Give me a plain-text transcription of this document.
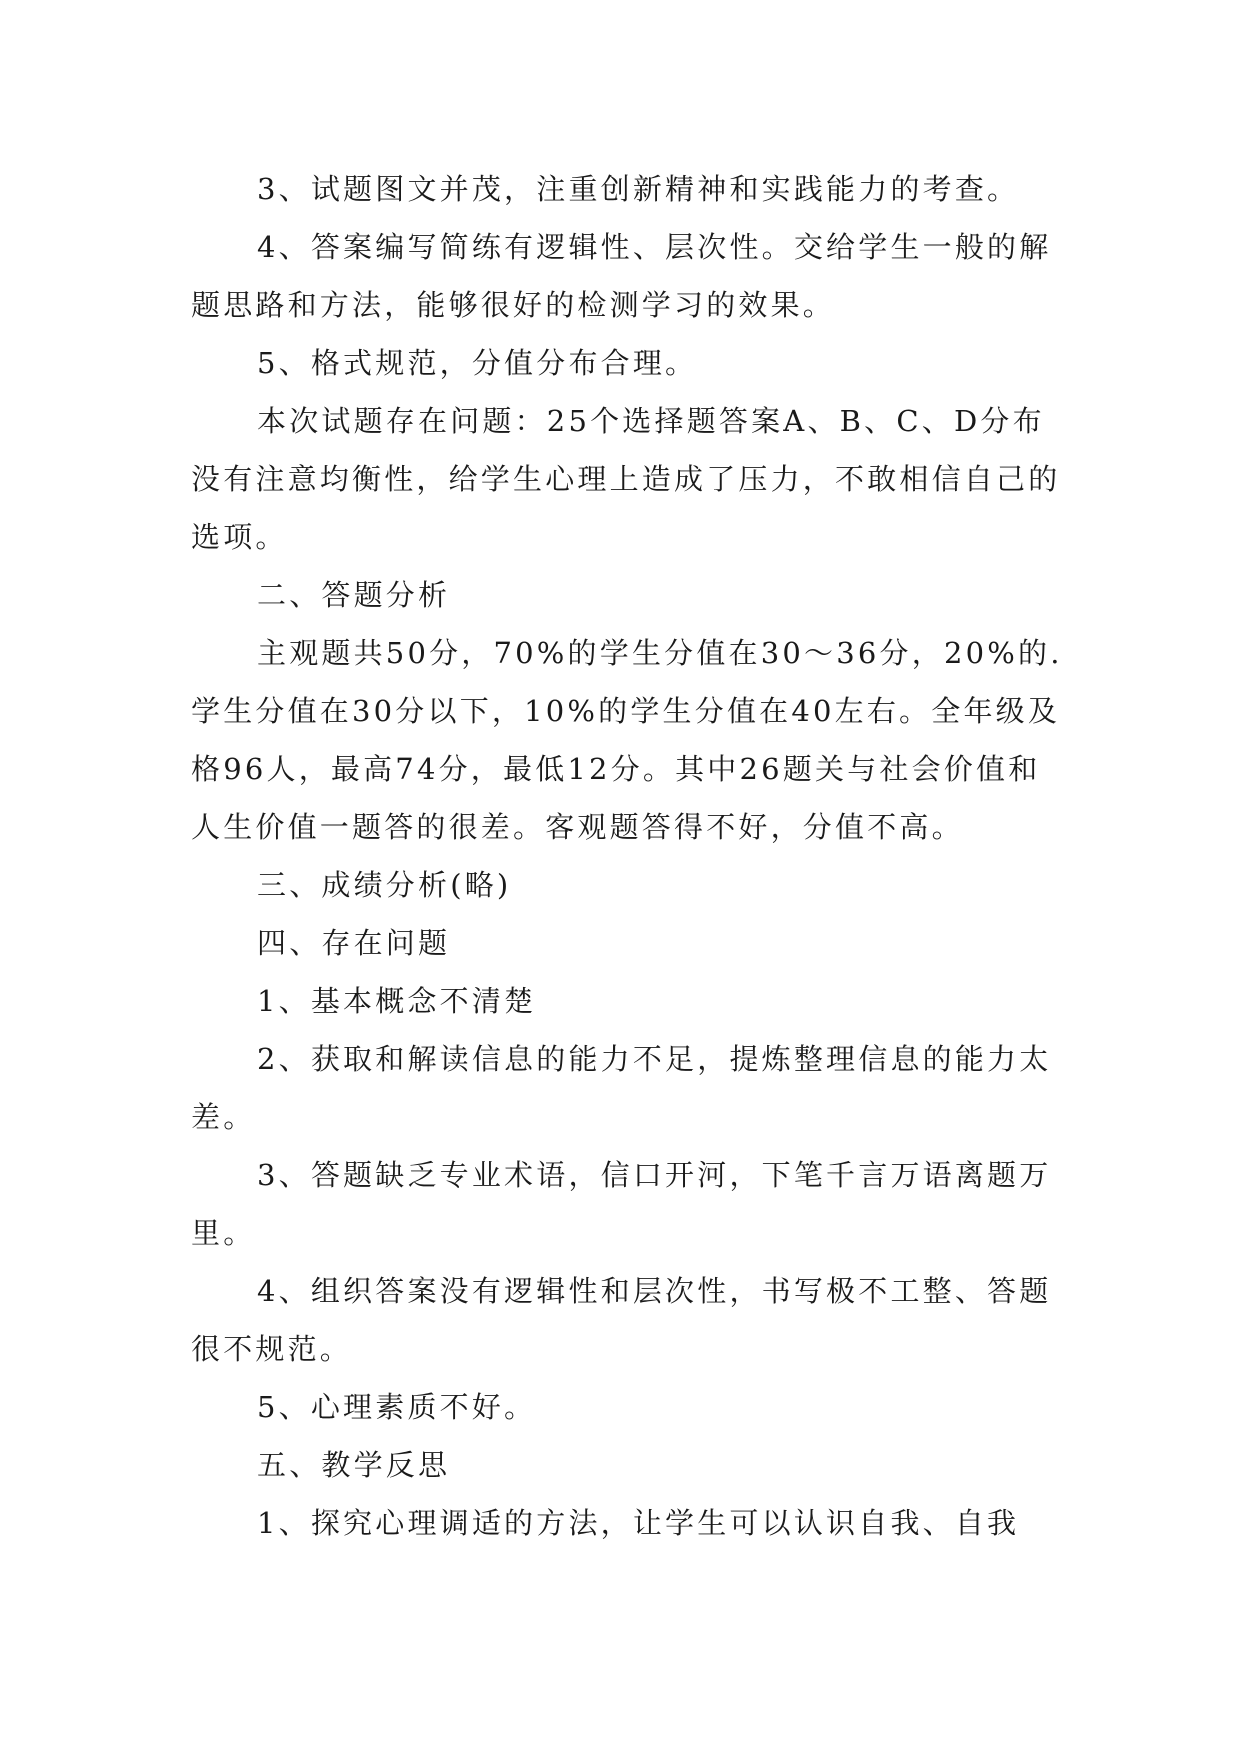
3、试题图文并茂，注重创新精神和实践能力的考查。

4、答案编写简练有逻辑性、层次性。交给学生一般的解题思路和方法，能够很好的检测学习的效果。

5、格式规范，分值分布合理。

本次试题存在问题：25个选择题答案A、B、C、D分布没有注意均衡性，给学生心理上造成了压力，不敢相信自己的选项。

二、答题分析

主观题共50分，70%的学生分值在30～36分，20%的.学生分值在30分以下，10%的学生分值在40左右。全年级及格96人，最高74分，最低12分。其中26题关与社会价值和人生价值一题答的很差。客观题答得不好，分值不高。

三、成绩分析(略)

四、存在问题

1、基本概念不清楚

2、获取和解读信息的能力不足，提炼整理信息的能力太差。

3、答题缺乏专业术语，信口开河，下笔千言万语离题万里。

4、组织答案没有逻辑性和层次性，书写极不工整、答题很不规范。

5、心理素质不好。

五、教学反思

1、探究心理调适的方法，让学生可以认识自我、自我
